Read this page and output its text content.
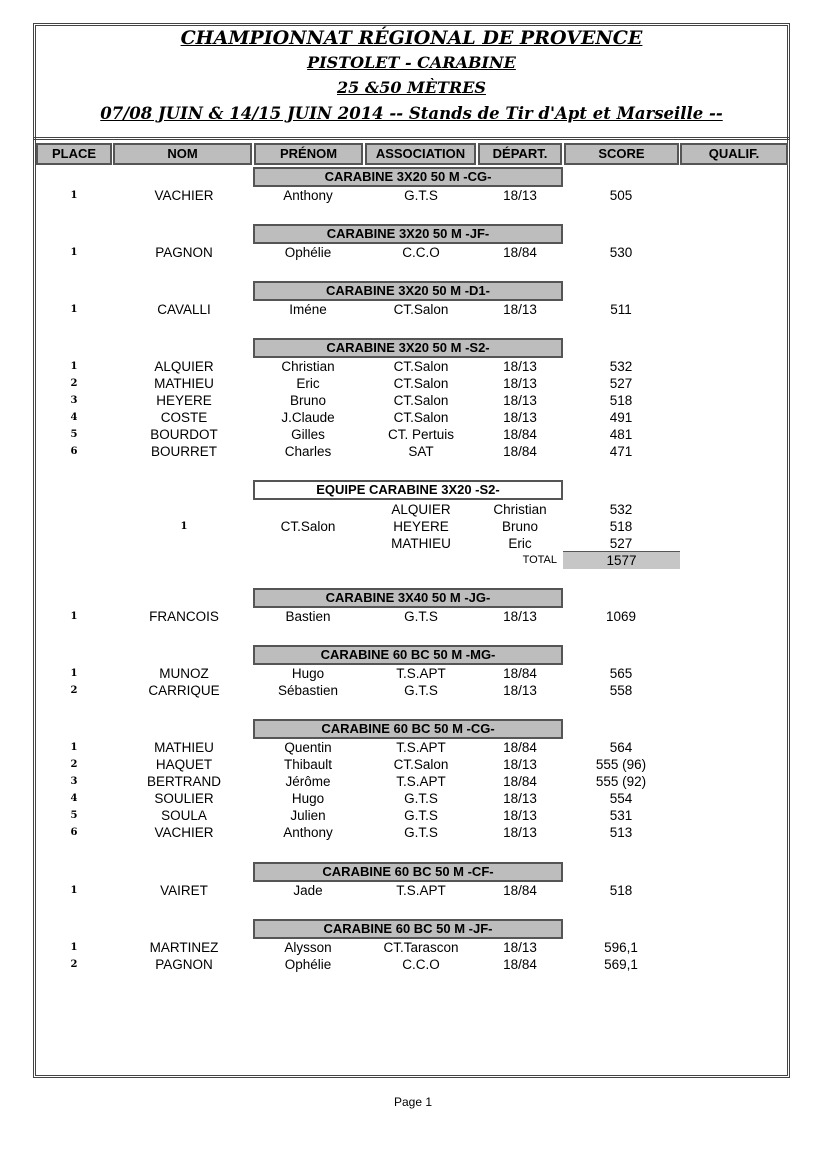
CHAMPIONNAT RÉGIONAL DE PROVENCE
PISTOLET - CARABINE
25 &50 MÈTRES
07/08 JUIN & 14/15 JUIN 2014 -- Stands de Tir d'Apt et Marseille --
PLACE	NOM	PRÉNOM	ASSOCIATION	DÉPART.	SCORE	QUALIF.
CARABINE 3X20 50 M -CG-
1	VACHIER	Anthony	G.T.S	18/13	505
CARABINE 3X20 50 M -JF-
1	PAGNON	Ophélie	C.C.O	18/84	530
CARABINE 3X20 50 M -D1-
1	CAVALLI	Iméne	CT.Salon	18/13	511
CARABINE 3X20 50 M -S2-
1	ALQUIER	Christian	CT.Salon	18/13	532
2	MATHIEU	Eric	CT.Salon	18/13	527
3	HEYERE	Bruno	CT.Salon	18/13	518
4	COSTE	J.Claude	CT.Salon	18/13	491
5	BOURDOT	Gilles	CT. Pertuis	18/84	481
6	BOURRET	Charles	SAT	18/84	471
EQUIPE CARABINE 3X20 -S2-
ALQUIER	Christian	532
HEYERE	Bruno	518
MATHIEU	Eric	527
1	CT.Salon
TOTAL	1577
CARABINE 3X40 50 M -JG-
1	FRANCOIS	Bastien	G.T.S	18/13	1069
CARABINE 60 BC 50 M -MG-
1	MUNOZ	Hugo	T.S.APT	18/84	565
2	CARRIQUE	Sébastien	G.T.S	18/13	558
CARABINE 60 BC 50 M -CG-
1	MATHIEU	Quentin	T.S.APT	18/84	564
2	HAQUET	Thibault	CT.Salon	18/13	555 (96)
3	BERTRAND	Jérôme	T.S.APT	18/84	555 (92)
4	SOULIER	Hugo	G.T.S	18/13	554
5	SOULA	Julien	G.T.S	18/13	531
6	VACHIER	Anthony	G.T.S	18/13	513
CARABINE 60 BC 50 M -CF-
1	VAIRET	Jade	T.S.APT	18/84	518
CARABINE 60 BC 50 M -JF-
1	MARTINEZ	Alysson	CT.Tarascon	18/13	596,1
2	PAGNON	Ophélie	C.C.O	18/84	569,1
Page 1
